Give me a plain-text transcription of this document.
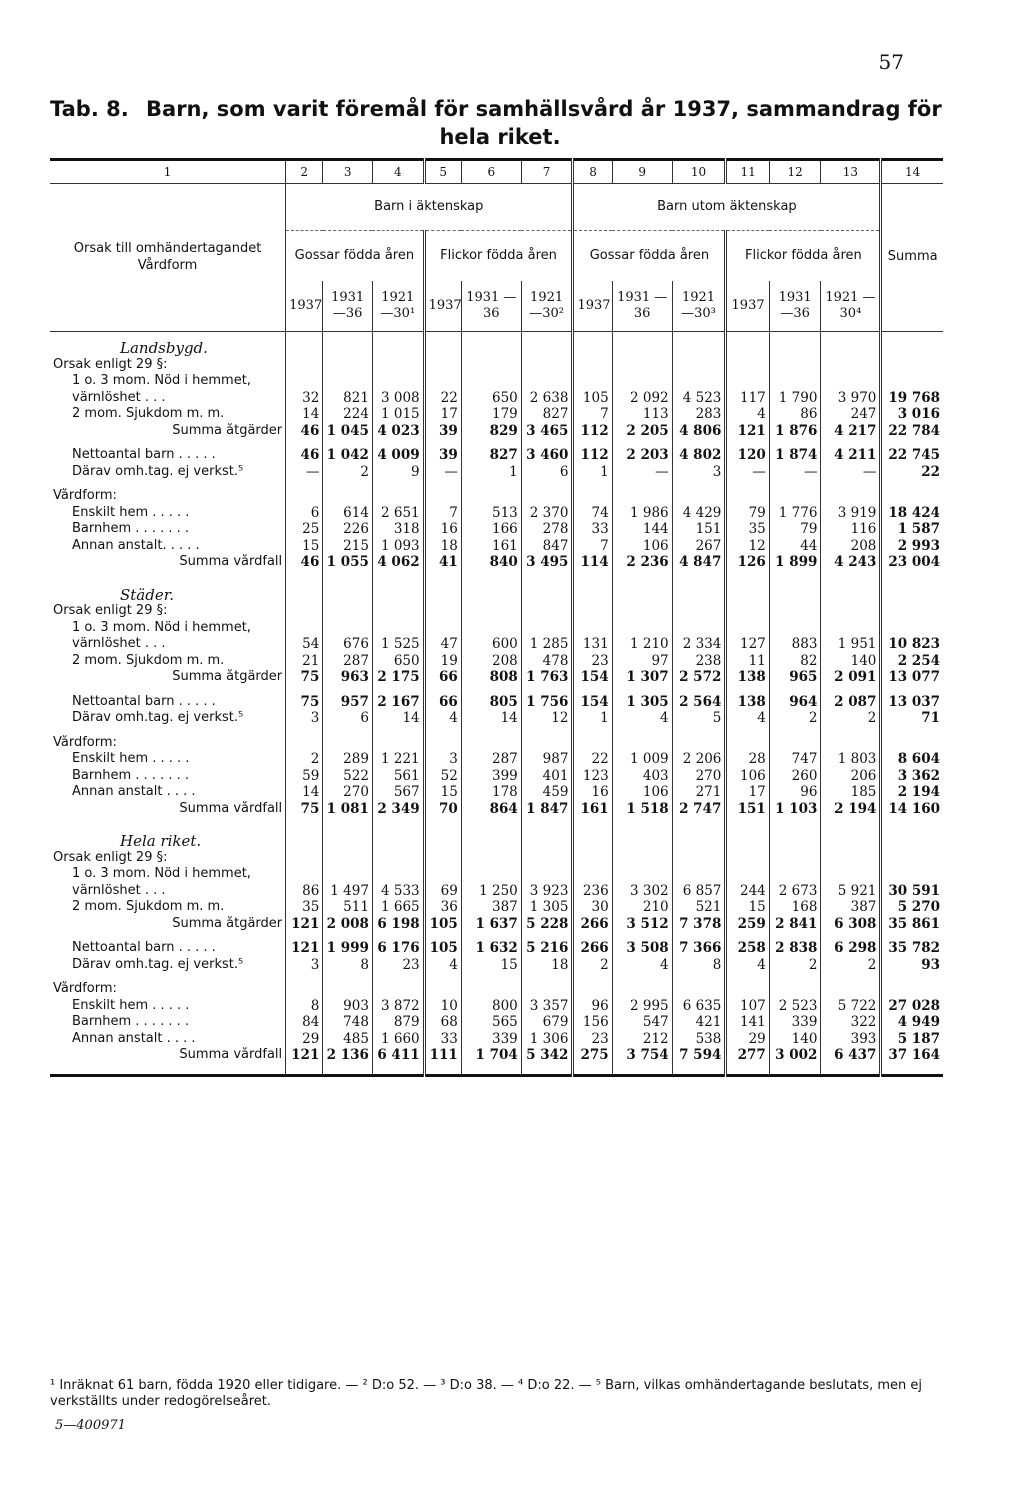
57
Tab. 8. Barn, som varit föremål för samhällsvård år 1937, sammandrag för
hela riket.
1	2	3	4	5	6	7	8	9	10	11	12	13	14
Orsak till omhändertagandet
Vårdform	Barn i äktenskap						Barn utom äktenskap						Summa
	Gossar födda åren			Flickor födda åren			Gossar födda åren			Flickor födda åren			
	1937	1931 —36	1921 —30¹	1937	1931 —36	1921 —30²	1937	1931 —36	1921 —30³	1937	1931 —36	1921 —30⁴	

Landsbygd.													
Orsak enligt 29 §:													
1 o. 3 mom. Nöd i hemmet, värnlöshet . . .	32	821	3 008	22	650	2 638	105	2 092	4 523	117	1 790	3 970	19 768
2 mom. Sjukdom m. m.	14	224	1 015	17	179	827	7	113	283	4	86	247	3 016
Summa åtgärder	46	1 045	4 023	39	829	3 465	112	2 205	4 806	121	1 876	4 217	22 784

Nettoantal barn . . . . .	46	1 042	4 009	39	827	3 460	112	2 203	4 802	120	1 874	4 211	22 745
Därav omh.tag. ej verkst.⁵	—	2	9	—	1	6	1	—	3	—	—	—	22

Vårdform:													
Enskilt hem . . . . .	6	614	2 651	7	513	2 370	74	1 986	4 429	79	1 776	3 919	18 424
Barnhem . . . . . . .	25	226	318	16	166	278	33	144	151	35	79	116	1 587
Annan anstalt. . . . .	15	215	1 093	18	161	847	7	106	267	12	44	208	2 993
Summa vårdfall	46	1 055	4 062	41	840	3 495	114	2 236	4 847	126	1 899	4 243	23 004

Städer.													
Orsak enligt 29 §:													
1 o. 3 mom. Nöd i hemmet, värnlöshet . . .	54	676	1 525	47	600	1 285	131	1 210	2 334	127	883	1 951	10 823
2 mom. Sjukdom m. m.	21	287	650	19	208	478	23	97	238	11	82	140	2 254
Summa åtgärder	75	963	2 175	66	808	1 763	154	1 307	2 572	138	965	2 091	13 077

Nettoantal barn . . . . .	75	957	2 167	66	805	1 756	154	1 305	2 564	138	964	2 087	13 037
Därav omh.tag. ej verkst.⁵	3	6	14	4	14	12	1	4	5	4	2	2	71

Vårdform:													
Enskilt hem . . . . .	2	289	1 221	3	287	987	22	1 009	2 206	28	747	1 803	8 604
Barnhem . . . . . . .	59	522	561	52	399	401	123	403	270	106	260	206	3 362
Annan anstalt . . . .	14	270	567	15	178	459	16	106	271	17	96	185	2 194
Summa vårdfall	75	1 081	2 349	70	864	1 847	161	1 518	2 747	151	1 103	2 194	14 160

Hela riket.													
Orsak enligt 29 §:													
1 o. 3 mom. Nöd i hemmet, värnlöshet . . .	86	1 497	4 533	69	1 250	3 923	236	3 302	6 857	244	2 673	5 921	30 591
2 mom. Sjukdom m. m.	35	511	1 665	36	387	1 305	30	210	521	15	168	387	5 270
Summa åtgärder	121	2 008	6 198	105	1 637	5 228	266	3 512	7 378	259	2 841	6 308	35 861

Nettoantal barn . . . . .	121	1 999	6 176	105	1 632	5 216	266	3 508	7 366	258	2 838	6 298	35 782
Därav omh.tag. ej verkst.⁵	3	8	23	4	15	18	2	4	8	4	2	2	93

Vårdform:													
Enskilt hem . . . . .	8	903	3 872	10	800	3 357	96	2 995	6 635	107	2 523	5 722	27 028
Barnhem . . . . . . .	84	748	879	68	565	679	156	547	421	141	339	322	4 949
Annan anstalt . . . .	29	485	1 660	33	339	1 306	23	212	538	29	140	393	5 187
Summa vårdfall	121	2 136	6 411	111	1 704	5 342	275	3 754	7 594	277	3 002	6 437	37 164

¹ Inräknat 61 barn, födda 1920 eller tidigare. — ² D:o 52. — ³ D:o 38. — ⁴ D:o 22. — ⁵ Barn, vilkas omhändertagande beslutats, men ej verkställts under redogörelseåret.
5—400971
